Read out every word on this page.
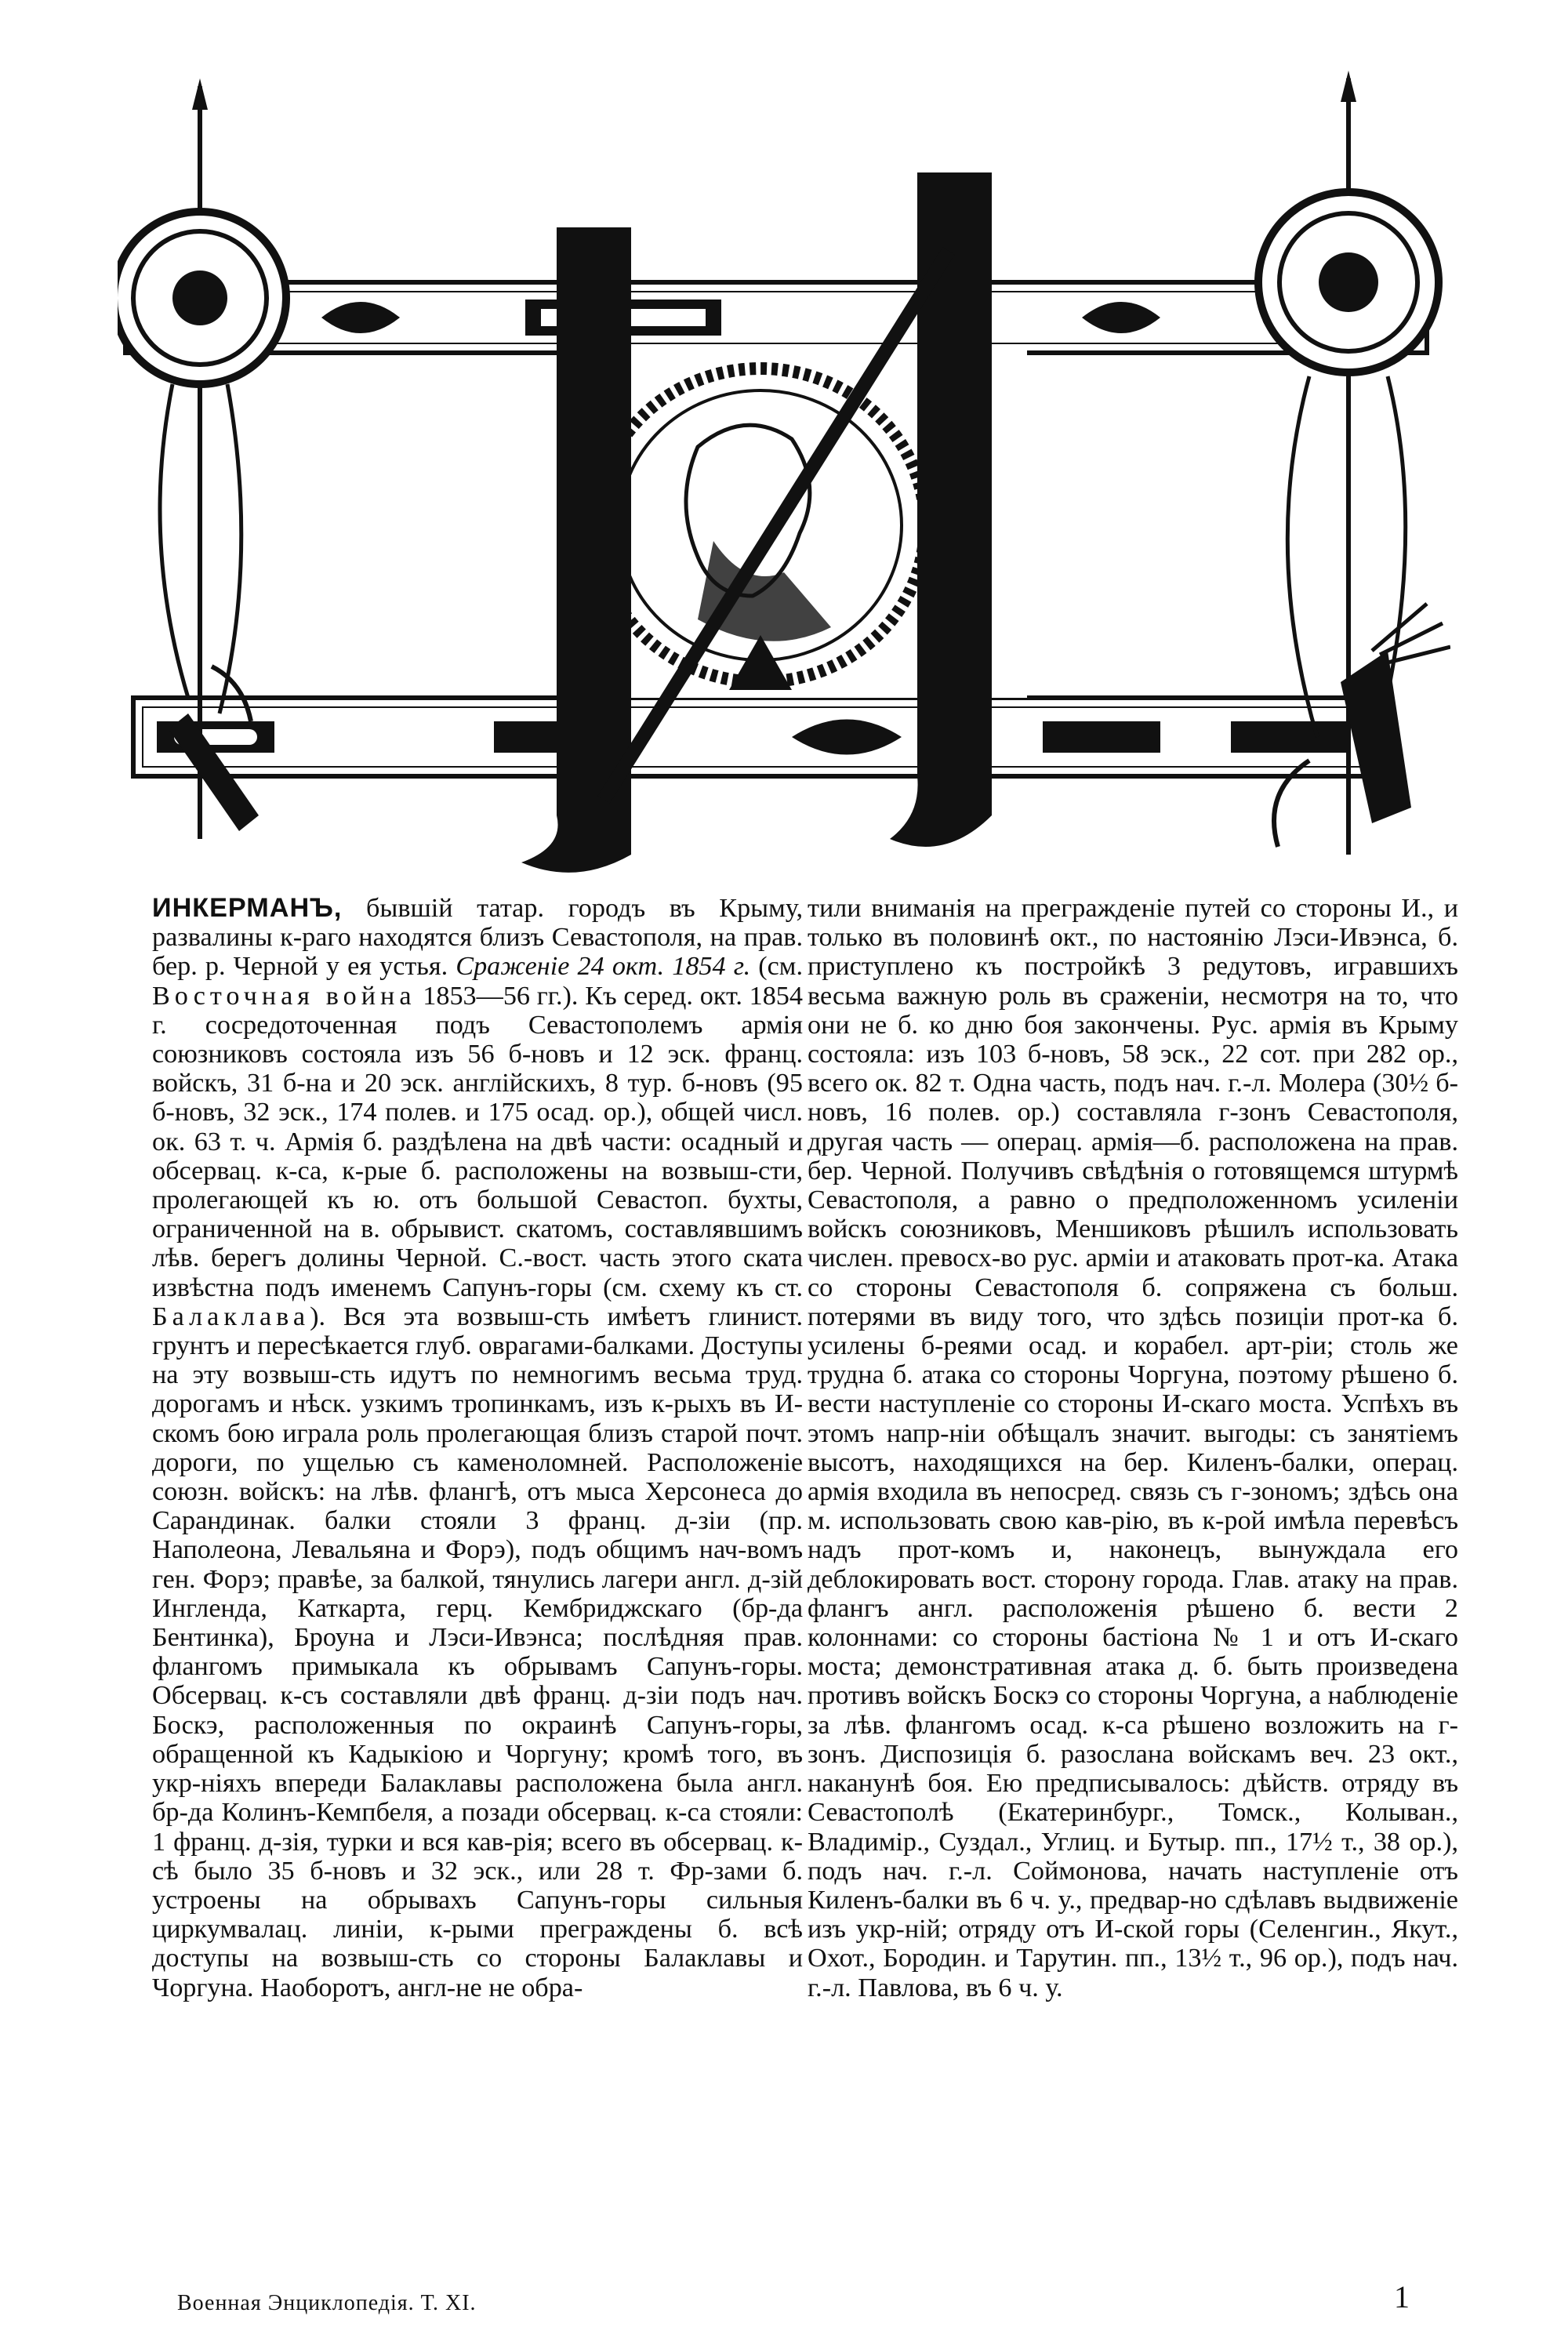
ИНКЕРМАНЪ, бывшій татар. городъ въ Крыму, развалины к-раго находятся близъ Севастополя, на прав. бер. р. Черной у ея устья. Сраженіе 24 окт. 1854 г. (см. Восточная война 1853—56 гг.). Къ серед. окт. 1854 г. сосредоточенная подъ Севастополемъ армія союзниковъ состояла изъ 56 б-новъ и 12 эск. франц. войскъ, 31 б-на и 20 эск. англійскихъ, 8 тур. б-новъ (95 б-новъ, 32 эск., 174 полев. и 175 осад. ор.), общей числ. ок. 63 т. ч. Армія б. раздѣлена на двѣ части: осадный и обсервац. к-са, к-рые б. расположены на возвыш-сти, пролегающей къ ю. отъ большой Севастоп. бухты, ограниченной на в. обрывист. скатомъ, составлявшимъ лѣв. берегъ долины Черной. С.-вост. часть этого ската извѣстна подъ именемъ Сапунъ-горы (см. схему къ ст. Балаклава). Вся эта возвыш-сть имѣетъ глинист. грунтъ и пересѣкается глуб. оврагами-балками. Доступы на эту возвыш-сть идутъ по немногимъ весьма труд. дорогамъ и нѣск. узкимъ тропинкамъ, изъ к-рыхъ въ И-скомъ бою играла роль пролегающая близъ старой почт. дороги, по ущелью съ каменоломней. Расположеніе союзн. войскъ: на лѣв. флангѣ, отъ мыса Херсонеса до Сарандинак. балки стояли 3 франц. д-зіи (пр. Наполеона, Левальяна и Форэ), подъ общимъ нач-вомъ ген. Форэ; правѣе, за балкой, тянулись лагери англ. д-зій Ингленда, Каткарта, герц. Кембриджскаго (бр-да Бентинка), Броуна и Лэси-Ивэнса; послѣдняя прав. флангомъ примыкала къ обрывамъ Сапунъ-горы. Обсервац. к-съ составляли двѣ франц. д-зіи подъ нач. Боскэ, расположенныя по окраинѣ Сапунъ-горы, обращенной къ Кадыкіою и Чоргуну; кромѣ того, въ укр-ніяхъ впереди Балаклавы расположена была англ. бр-да Колинъ-Кемпбеля, а позади обсервац. к-са стояли: 1 франц. д-зія, турки и вся кав-рія; всего въ обсервац. к-сѣ было 35 б-новъ и 32 эск., или 28 т. Фр-зами б. устроены на обрывахъ Сапунъ-горы сильныя циркумвалац. линіи, к-рыми преграждены б. всѣ доступы на возвыш-сть со стороны Балаклавы и Чоргуна. Наоборотъ, англ-не не обра-

тили вниманія на прегражденіе путей со стороны И., и только въ половинѣ окт., по настоянію Лэси-Ивэнса, б. приступлено къ постройкѣ 3 редутовъ, игравшихъ весьма важную роль въ сраженіи, несмотря на то, что они не б. ко дню боя закончены. Рус. армія въ Крыму состояла: изъ 103 б-новъ, 58 эск., 22 сот. при 282 ор., всего ок. 82 т. Одна часть, подъ нач. г.-л. Молера (30½ б-новъ, 16 полев. ор.) составляла г-зонъ Севастополя, другая часть — операц. армія—б. расположена на прав. бер. Черной. Получивъ свѣдѣнія о готовящемся штурмѣ Севастополя, а равно о предположенномъ усиленіи войскъ союзниковъ, Меншиковъ рѣшилъ использовать числен. превосх-во рус. арміи и атаковать прот-ка. Атака со стороны Севастополя б. сопряжена съ больш. потерями въ виду того, что здѣсь позиціи прот-ка б. усилены б-реями осад. и корабел. арт-ріи; столь же трудна б. атака со стороны Чоргуна, поэтому рѣшено б. вести наступленіе со стороны И-скаго моста. Успѣхъ въ этомъ напр-ніи обѣщалъ значит. выгоды: съ занятіемъ высотъ, находящихся на бер. Киленъ-балки, операц. армія входила въ непосред. связь съ г-зономъ; здѣсь она м. использовать свою кав-рію, въ к-рой имѣла перевѣсъ надъ прот-комъ и, наконецъ, вынуждала его деблокировать вост. сторону города. Глав. атаку на прав. флангъ англ. расположенія рѣшено б. вести 2 колоннами: со стороны бастіона № 1 и отъ И-скаго моста; демонстративная атака д. б. быть произведена противъ войскъ Боскэ со стороны Чоргуна, а наблюденіе за лѣв. флангомъ осад. к-са рѣшено возложить на г-зонъ. Диспозиція б. разослана войскамъ веч. 23 окт., наканунѣ боя. Ею предписывалось: дѣйств. отряду въ Севастополѣ (Екатеринбург., Томск., Колыван., Владимір., Суздал., Углиц. и Бутыр. пп., 17½ т., 38 ор.), подъ нач. г.-л. Соймонова, начать наступленіе отъ Киленъ-балки въ 6 ч. у., предвар-но сдѣлавъ выдвиженіе изъ укр-ній; отряду отъ И-ской горы (Селенгин., Якут., Охот., Бородин. и Тарутин. пп., 13½ т., 96 ор.), подъ нач. г.-л. Павлова, въ 6 ч. у.

Военная Энциклопедія. Т. XI.	1
